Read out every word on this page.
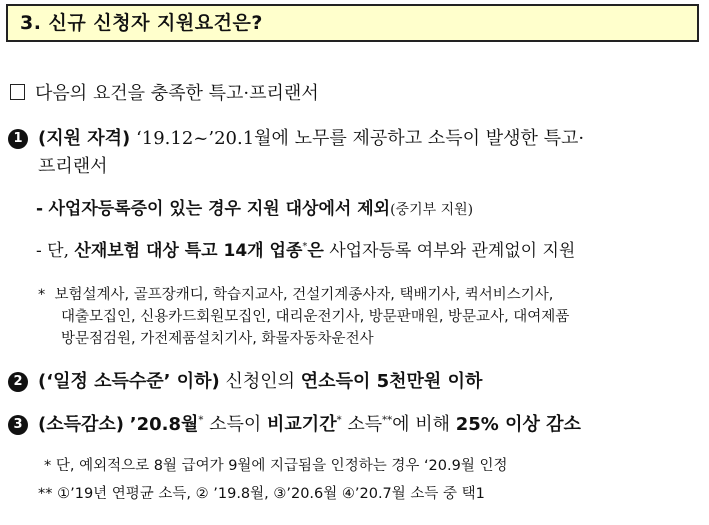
3. 신규 신청자 지원요건은?
다음의 요건을 충족한 특고·프리랜서
1 (지원 자격) ‘19.12~’20.1월에 노무를 제공하고 소득이 발생한 특고·
프리랜서
- 사업자등록증이 있는 경우 지원 대상에서 제외(중기부 지원)
- 단, 산재보험 대상 특고 14개 업종*은 사업자등록 여부와 관계없이 지원
* 보험설계사, 골프장캐디, 학습지교사, 건설기계종사자, 택배기사, 퀵서비스기사,
대출모집인, 신용카드회원모집인, 대리운전기사, 방문판매원, 방문교사, 대여제품
방문점검원, 가전제품설치기사, 화물자동차운전사
2 (‘일정 소득수준’ 이하) 신청인의 연소득이 5천만원 이하
3 (소득감소) ’20.8월* 소득이 비교기간* 소득**에 비해 25% 이상 감소
* 단, 예외적으로 8월 급여가 9월에 지급됨을 인정하는 경우 ‘20.9월 인정
** ①’19년 연평균 소득, ② ’19.8월, ③’20.6월 ④’20.7월 소득 중 택1
